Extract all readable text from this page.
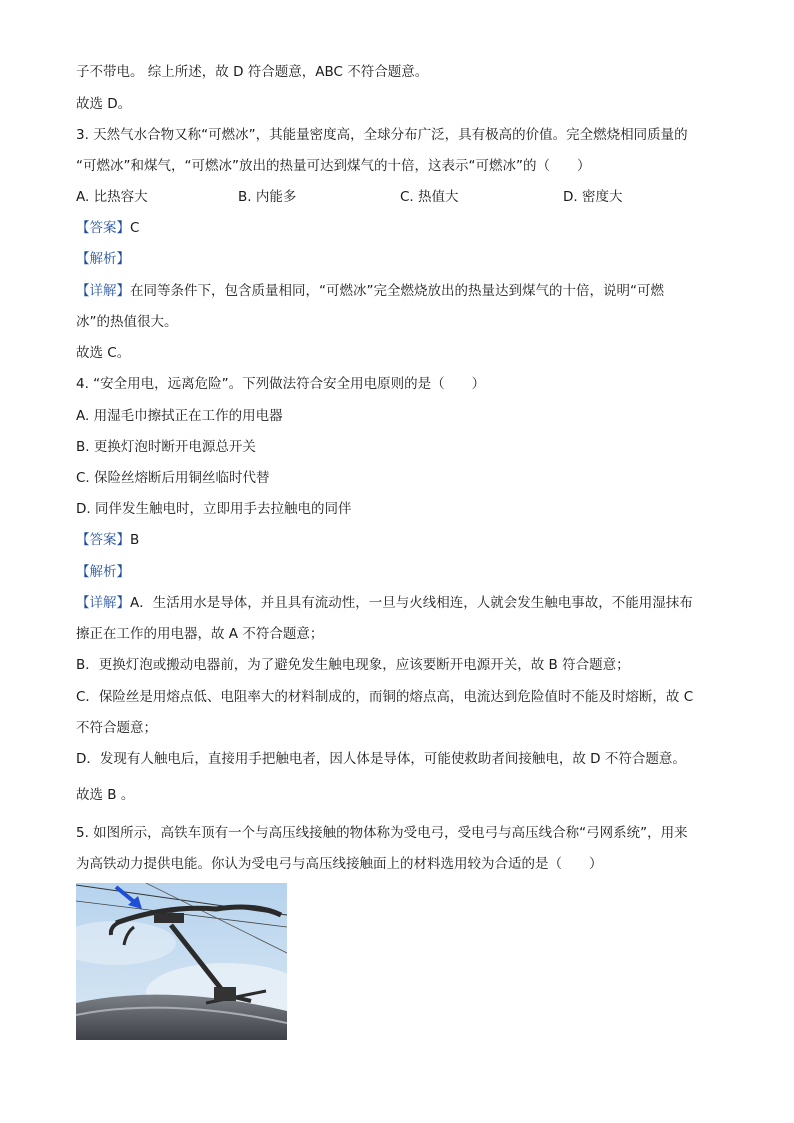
子不带电。 综上所述，故 D 符合题意，ABC 不符合题意。
故选 D。
3. 天然气水合物又称“可燃冰”，其能量密度高，全球分布广泛，具有极高的价值。完全燃烧相同质量的
“可燃冰”和煤气，“可燃冰”放出的热量可达到煤气的十倍，这表示“可燃冰”的（　　）
A. 比热容大	B. 内能多	C. 热值大	D. 密度大
【答案】C
【解析】
【详解】在同等条件下，包含质量相同，“可燃冰”完全燃烧放出的热量达到煤气的十倍，说明“可燃
冰”的热值很大。
故选 C。
4. “安全用电，远离危险”。下列做法符合安全用电原则的是（　　）
A. 用湿毛巾擦拭正在工作的用电器
B. 更换灯泡时断开电源总开关
C. 保险丝熔断后用铜丝临时代替
D. 同伴发生触电时，立即用手去拉触电的同伴
【答案】B
【解析】
【详解】A．生活用水是导体，并且具有流动性，一旦与火线相连，人就会发生触电事故，不能用湿抹布
擦正在工作的用电器，故 A 不符合题意；
B．更换灯泡或搬动电器前，为了避免发生触电现象，应该要断开电源开关，故 B 符合题意；
C．保险丝是用熔点低、电阻率大的材料制成的，而铜的熔点高，电流达到危险值时不能及时熔断，故 C
不符合题意；
D．发现有人触电后，直接用手把触电者，因人体是导体，可能使救助者间接触电，故 D 不符合题意。
故选 B 。
5. 如图所示，高铁车顶有一个与高压线接触的物体称为受电弓，受电弓与高压线合称“弓网系统”，用来
为高铁动力提供电能。你认为受电弓与高压线接触面上的材料选用较为合适的是（　　）
